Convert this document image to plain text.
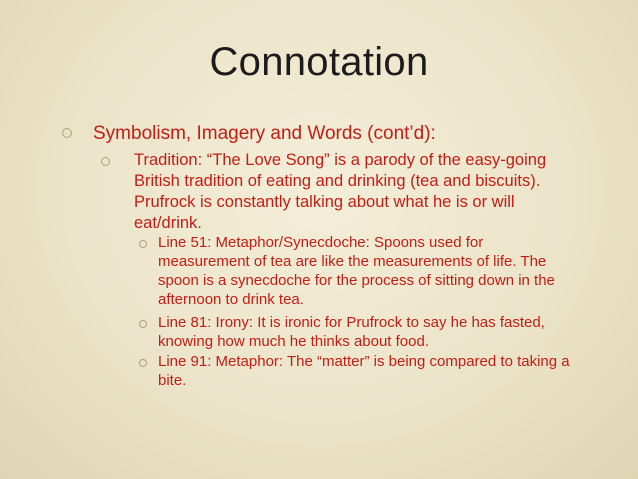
Connotation
Symbolism, Imagery and Words (cont’d):
Tradition: “The Love Song” is a parody of the easy-going British tradition of eating and drinking (tea and biscuits). Prufrock is constantly talking about what he is or will eat/drink.
Line 51: Metaphor/Synecdoche: Spoons used for measurement of tea are like the measurements of life. The spoon is a synecdoche for the process of sitting down in the afternoon to drink tea.
Line 81: Irony: It is ironic for Prufrock to say he has fasted, knowing how much he thinks about food.
Line 91: Metaphor: The “matter” is being compared to taking a bite.
